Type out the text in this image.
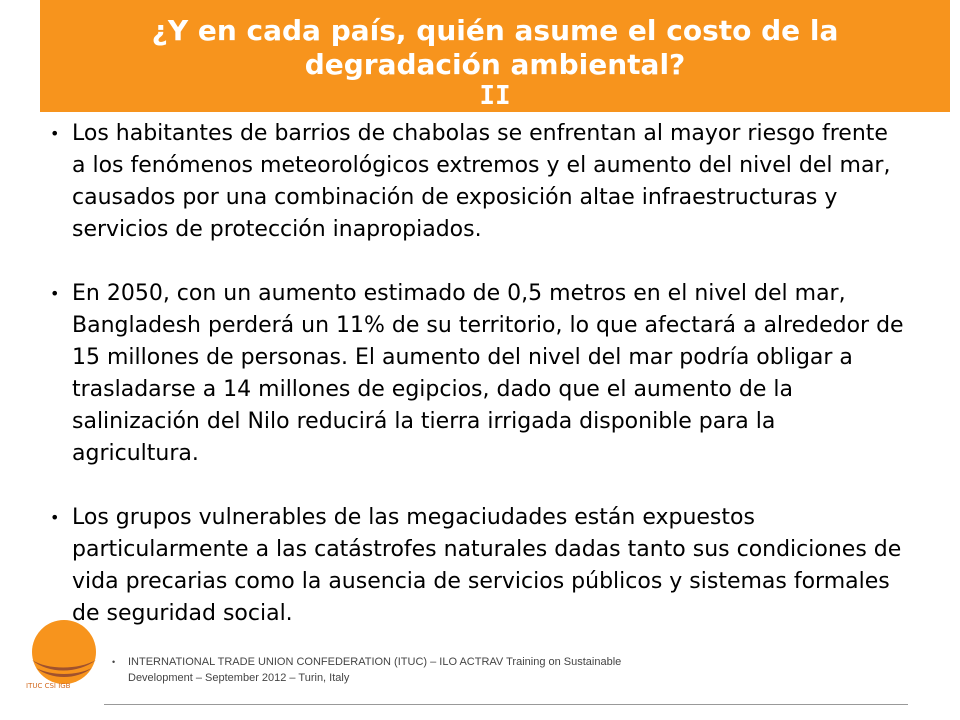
¿Y en cada país, quién asume el costo de la
degradación ambiental?
II

• Los habitantes de barrios de chabolas se enfrentan al mayor riesgo frente a los fenómenos meteorológicos extremos y el aumento del nivel del mar, causados por una combinación de exposición altae infraestructuras y servicios de protección inapropiados.

• En 2050, con un aumento estimado de 0,5 metros en el nivel del mar, Bangladesh perderá un 11% de su territorio, lo que afectará a alrededor de 15 millones de personas. El aumento del nivel del mar podría obligar a trasladarse a 14 millones de egipcios, dado que el aumento de la salinización del Nilo reducirá la tierra irrigada disponible para la agricultura.

• Los grupos vulnerables de las megaciudades están expuestos particularmente a las catástrofes naturales dadas tanto sus condiciones de vida precarias como la ausencia de servicios públicos y sistemas formales de seguridad social.

ITUC CSI IGB
•	INTERNATIONAL TRADE UNION CONFEDERATION (ITUC) – ILO ACTRAV Training on Sustainable
Development – September 2012 – Turin, Italy
